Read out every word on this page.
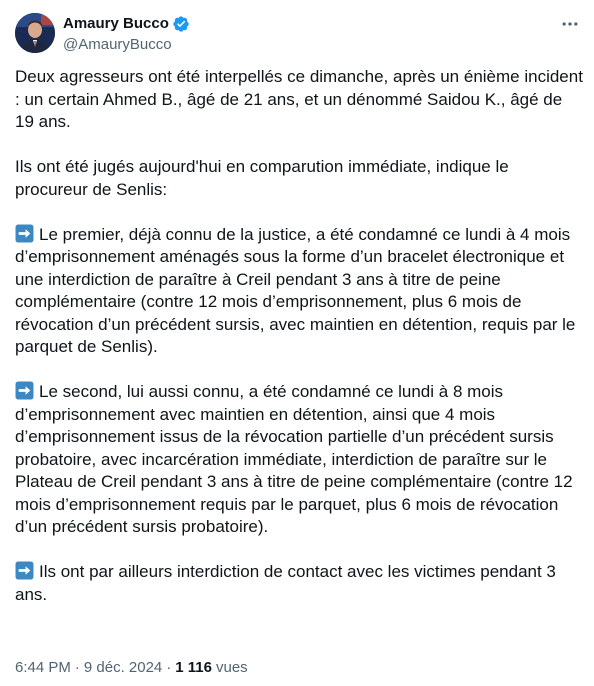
Amaury Bucco
@AmauryBucco

Deux agresseurs ont été interpellés ce dimanche, après un énième incident : un certain Ahmed B., âgé de 21 ans, et un dénommé Saidou K., âgé de 19 ans.

Ils ont été jugés aujourd'hui en comparution immédiate, indique le procureur de Senlis:

Le premier, déjà connu de la justice, a été condamné ce lundi à 4 mois d’emprisonnement aménagés sous la forme d’un bracelet électronique et une interdiction de paraître à Creil pendant 3 ans à titre de peine complémentaire (contre 12 mois d’emprisonnement, plus 6 mois de révocation d’un précédent sursis, avec maintien en détention, requis par le parquet de Senlis).

Le second, lui aussi connu, a été condamné ce lundi à 8 mois d’emprisonnement avec maintien en détention, ainsi que 4 mois d’emprisonnement issus de la révocation partielle d’un précédent sursis probatoire, avec incarcération immédiate, interdiction de paraître sur le Plateau de Creil pendant 3 ans à titre de peine complémentaire (contre 12 mois d’emprisonnement requis par le parquet, plus 6 mois de révocation d’un précédent sursis probatoire).

Ils ont par ailleurs interdiction de contact avec les victimes pendant 3 ans.

6:44 PM · 9 déc. 2024 · 1 116 vues
